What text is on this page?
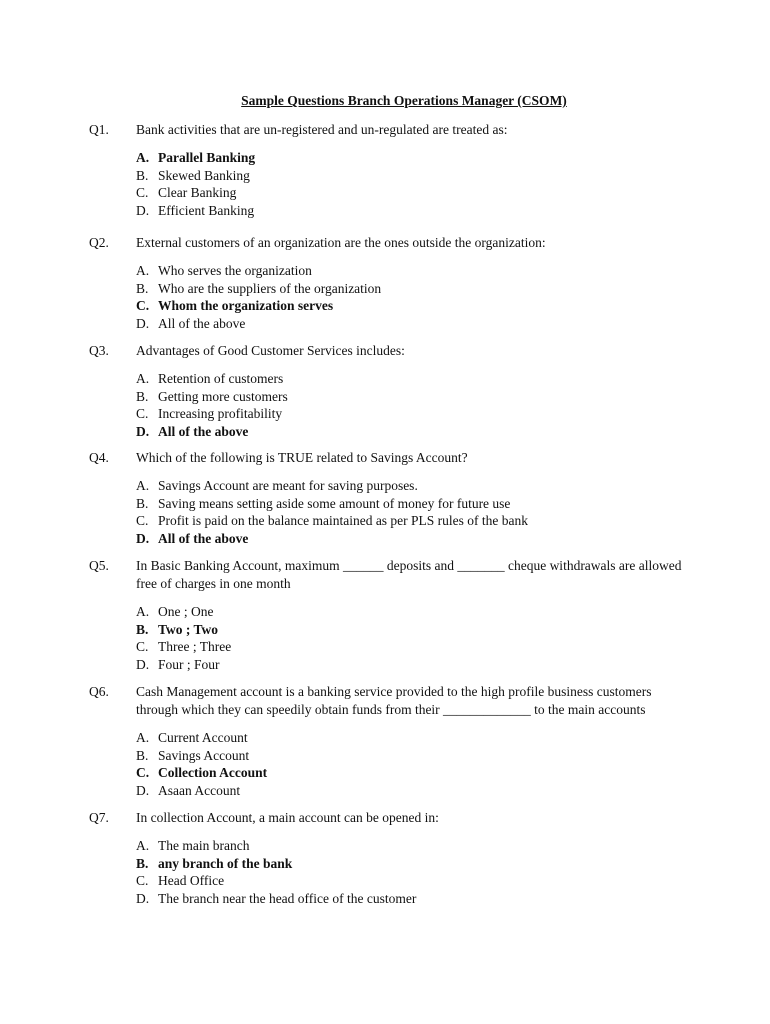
Sample Questions Branch Operations Manager (CSOM)
Q1.	Bank activities that are un-registered and un-regulated are treated as:
A. Parallel Banking
B. Skewed Banking
C. Clear Banking
D. Efficient Banking
Q2.	External customers of an organization are the ones outside the organization:
A. Who serves the organization
B. Who are the suppliers of the organization
C. Whom the organization serves
D. All of the above
Q3.	Advantages of Good Customer Services includes:
A. Retention of customers
B. Getting more customers
C. Increasing profitability
D. All of the above
Q4.	Which of the following is TRUE related to Savings Account?
A. Savings Account are meant for saving purposes.
B. Saving means setting aside some amount of money for future use
C. Profit is paid on the balance maintained as per PLS rules of the bank
D. All of the above
Q5.	In Basic Banking Account, maximum ______ deposits and _______ cheque withdrawals are allowed free of charges in one month
A. One ; One
B. Two ; Two
C. Three ; Three
D. Four ; Four
Q6.	Cash Management account is a banking service provided to the high profile business customers through which they can speedily obtain funds from their _____________ to the main accounts
A. Current Account
B. Savings Account
C. Collection Account
D. Asaan Account
Q7.	In collection Account, a main account can be opened in:
A. The main branch
B. any branch of the bank
C. Head Office
D. The branch near the head office of the customer
